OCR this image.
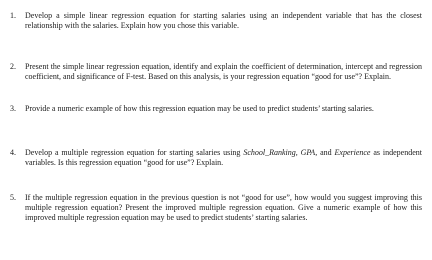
1.	Develop a simple linear regression equation for starting salaries using an independent variable that has the closest relationship with the salaries. Explain how you chose this variable.
2.	Present the simple linear regression equation, identify and explain the coefficient of determination, intercept and regression coefficient, and significance of F-test. Based on this analysis, is your regression equation “good for use”? Explain.
3.	Provide a numeric example of how this regression equation may be used to predict students’ starting salaries.
4.	Develop a multiple regression equation for starting salaries using School_Ranking, GPA, and Experience as independent variables. Is this regression equation “good for use”? Explain.
5.	If the multiple regression equation in the previous question is not “good for use”, how would you suggest improving this multiple regression equation? Present the improved multiple regression equation. Give a numeric example of how this improved multiple regression equation may be used to predict students’ starting salaries.
